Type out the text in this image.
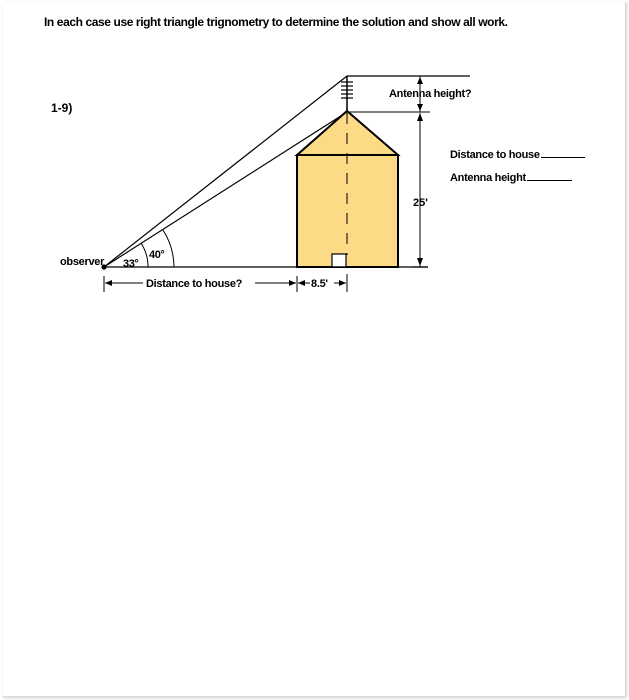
In each case use right triangle trignometry to determine the solution and show all work.

1-9)
Distance to house
Antenna height
observer 33°
40°
Antenna height?
25'
Distance to house?	8.5'
